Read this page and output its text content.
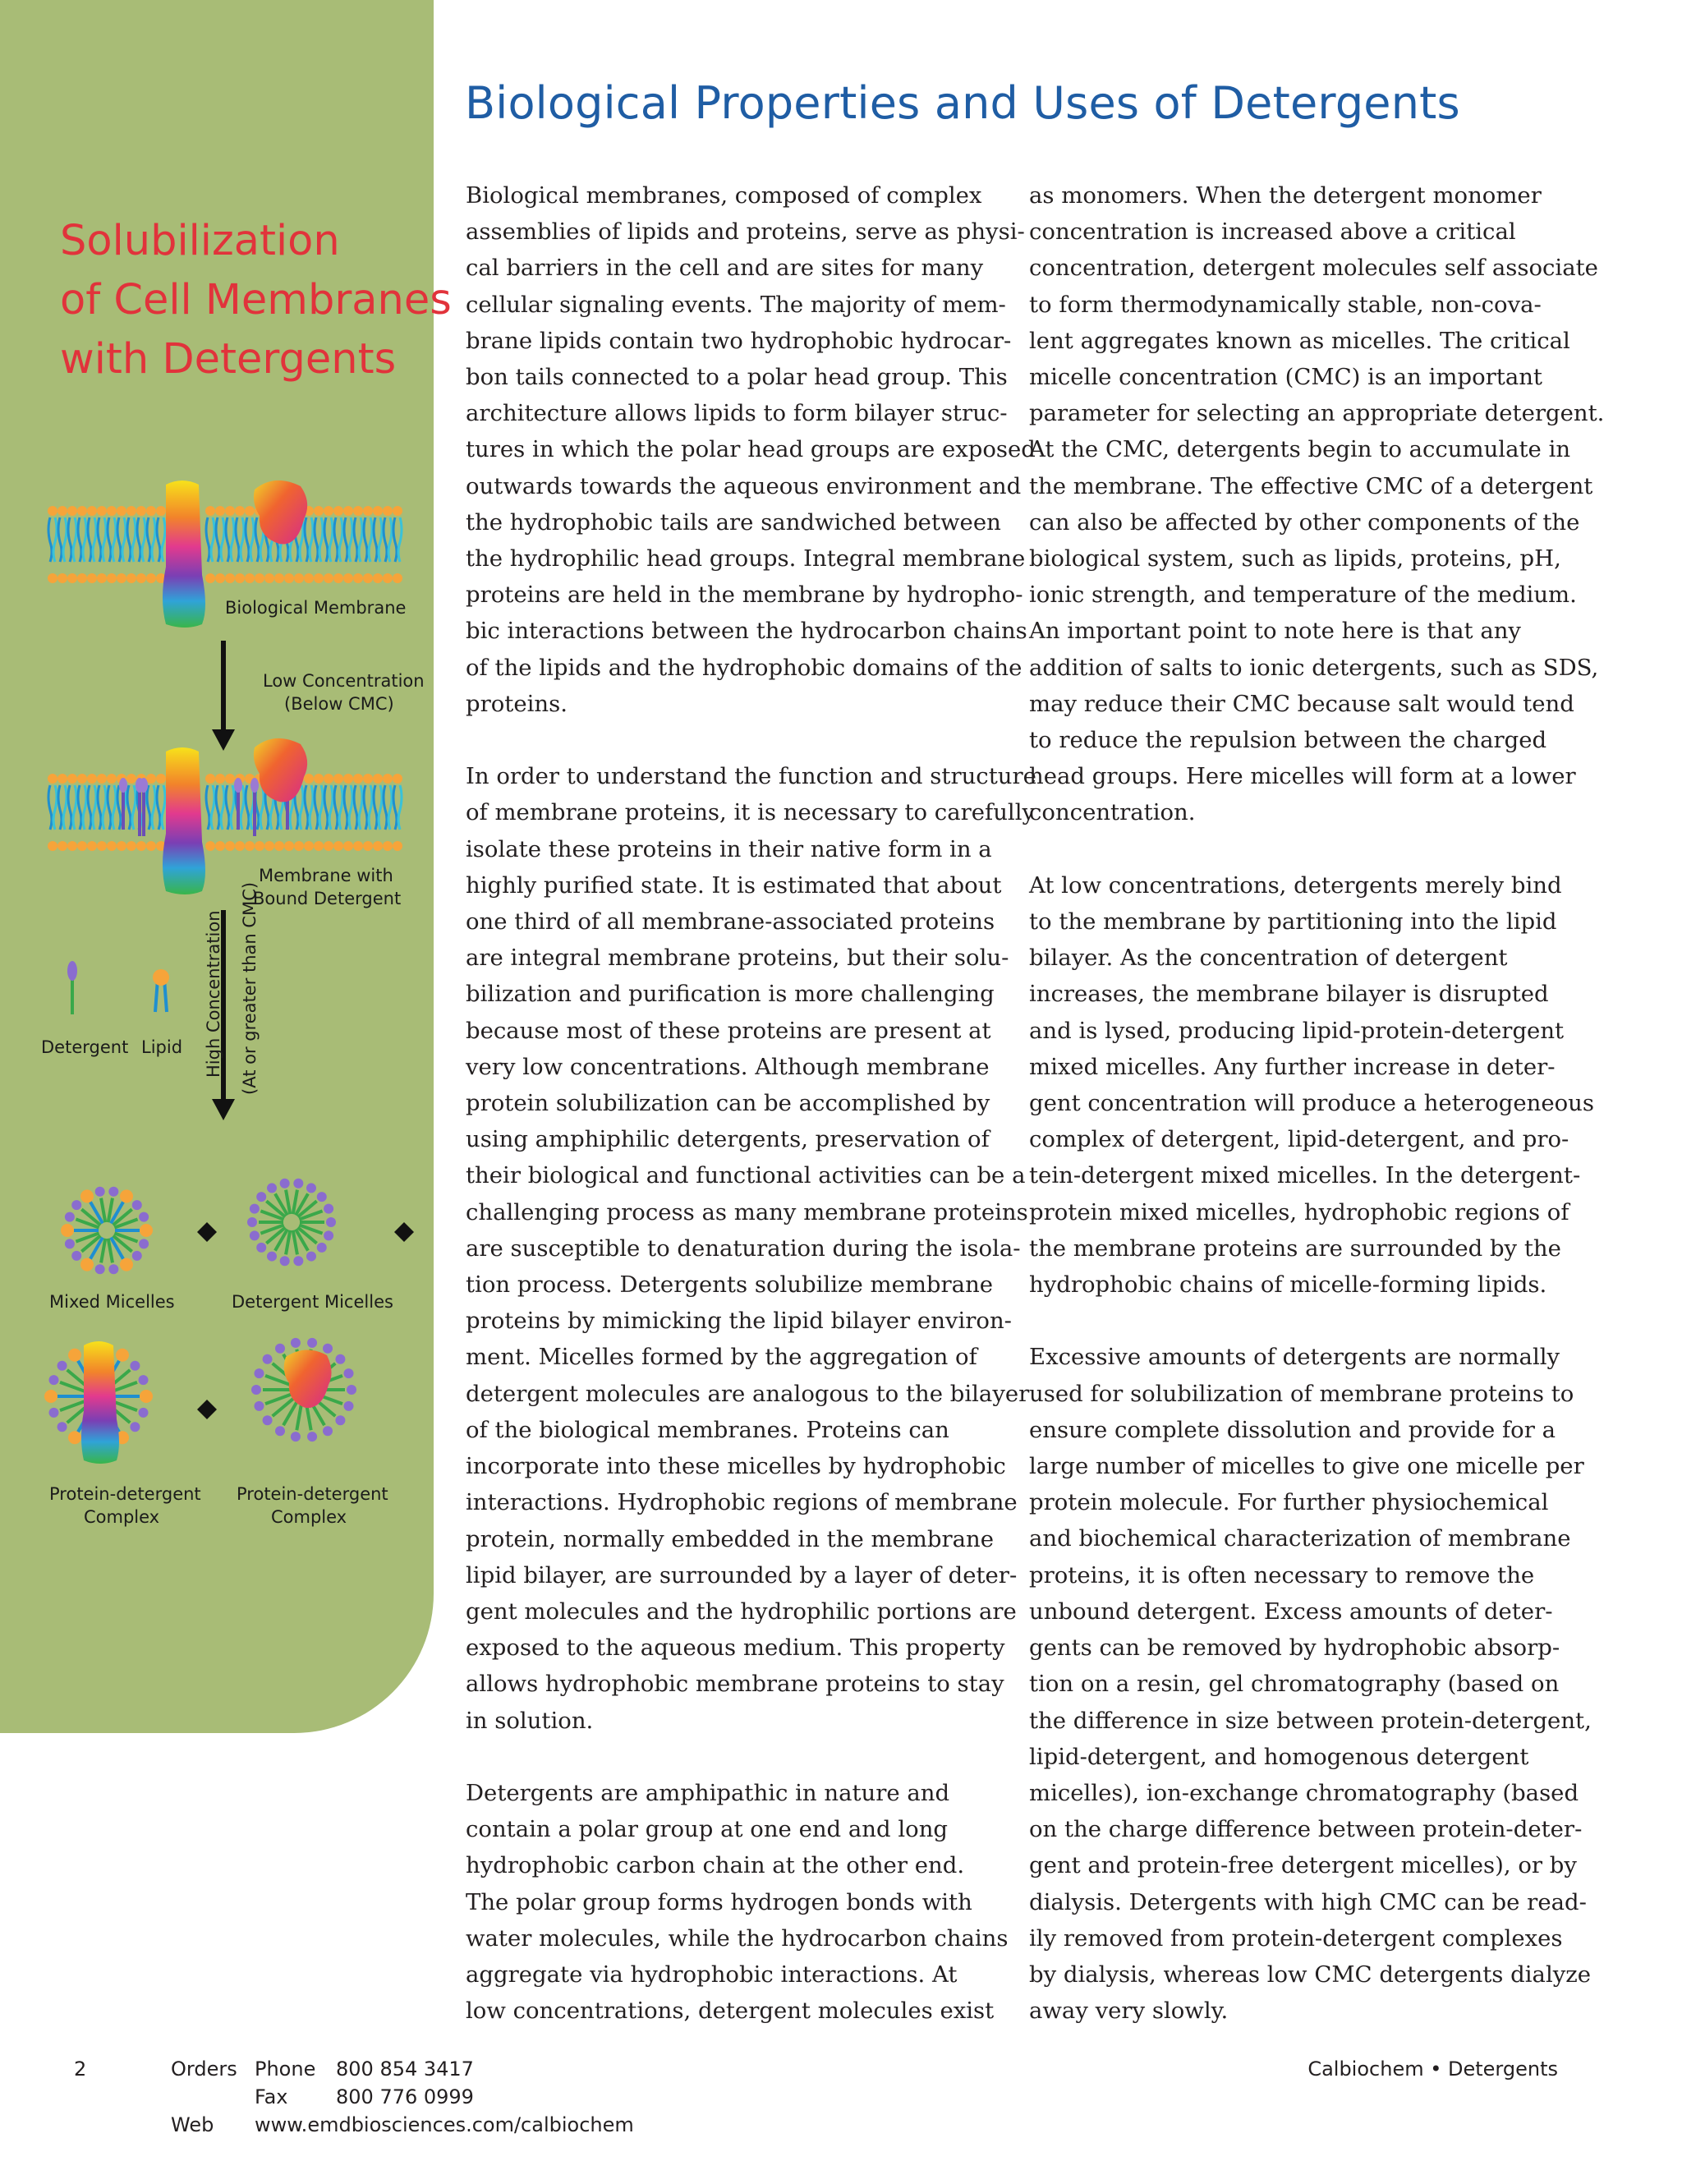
Solubilization
of Cell Membranes
with Detergents
Biological Membrane
Low Concentration
(Below CMC)
Membrane with
Bound Detergent
Detergent Lipid High Concentration (At or greater than CMC)
Mixed Micelles	Detergent Micelles
Protein-detergent
Complex
Protein-detergent
Complex
Biological Properties and Uses of Detergents

Biological membranes, composed of complex
assemblies of lipids and proteins, serve as physi-
cal barriers in the cell and are sites for many
cellular signaling events. The majority of mem-
brane lipids contain two hydrophobic hydrocar-
bon tails connected to a polar head group. This
architecture allows lipids to form bilayer struc-
tures in which the polar head groups are exposed
outwards towards the aqueous environment and
the hydrophobic tails are sandwiched between
the hydrophilic head groups. Integral membrane
proteins are held in the membrane by hydropho-
bic interactions between the hydrocarbon chains
of the lipids and the hydrophobic domains of the
proteins.

In order to understand the function and structure
of membrane proteins, it is necessary to carefully
isolate these proteins in their native form in a
highly purified state. It is estimated that about
one third of all membrane-associated proteins
are integral membrane proteins, but their solu-
bilization and purification is more challenging
because most of these proteins are present at
very low concentrations. Although membrane
protein solubilization can be accomplished by
using amphiphilic detergents, preservation of
their biological and functional activities can be a
challenging process as many membrane proteins
are susceptible to denaturation during the isola-
tion process. Detergents solubilize membrane
proteins by mimicking the lipid bilayer environ-
ment. Micelles formed by the aggregation of
detergent molecules are analogous to the bilayer
of the biological membranes. Proteins can
incorporate into these micelles by hydrophobic
interactions. Hydrophobic regions of membrane
protein, normally embedded in the membrane
lipid bilayer, are surrounded by a layer of deter-
gent molecules and the hydrophilic portions are
exposed to the aqueous medium. This property
allows hydrophobic membrane proteins to stay
in solution.

Detergents are amphipathic in nature and
contain a polar group at one end and long
hydrophobic carbon chain at the other end.
The polar group forms hydrogen bonds with
water molecules, while the hydrocarbon chains
aggregate via hydrophobic interactions. At
low concentrations, detergent molecules exist

as monomers. When the detergent monomer
concentration is increased above a critical
concentration, detergent molecules self associate
to form thermodynamically stable, non-cova-
lent aggregates known as micelles. The critical
micelle concentration (CMC) is an important
parameter for selecting an appropriate detergent.
At the CMC, detergents begin to accumulate in
the membrane. The effective CMC of a detergent
can also be affected by other components of the
biological system, such as lipids, proteins, pH,
ionic strength, and temperature of the medium.
An important point to note here is that any
addition of salts to ionic detergents, such as SDS,
may reduce their CMC because salt would tend
to reduce the repulsion between the charged
head groups. Here micelles will form at a lower
concentration.

At low concentrations, detergents merely bind
to the membrane by partitioning into the lipid
bilayer. As the concentration of detergent
increases, the membrane bilayer is disrupted
and is lysed, producing lipid-protein-detergent
mixed micelles. Any further increase in deter-
gent concentration will produce a heterogeneous
complex of detergent, lipid-detergent, and pro-
tein-detergent mixed micelles. In the detergent-
protein mixed micelles, hydrophobic regions of
the membrane proteins are surrounded by the
hydrophobic chains of micelle-forming lipids.

Excessive amounts of detergents are normally
used for solubilization of membrane proteins to
ensure complete dissolution and provide for a
large number of micelles to give one micelle per
protein molecule. For further physiochemical
and biochemical characterization of membrane
proteins, it is often necessary to remove the
unbound detergent. Excess amounts of deter-
gents can be removed by hydrophobic absorp-
tion on a resin, gel chromatography (based on
the difference in size between protein-detergent,
lipid-detergent, and homogenous detergent
micelles), ion-exchange chromatography (based
on the charge difference between protein-deter-
gent and protein-free detergent micelles), or by
dialysis. Detergents with high CMC can be read-
ily removed from protein-detergent complexes
by dialysis, whereas low CMC detergents dialyze
away very slowly.

2	Orders Phone 800 854 3417
Fax 800 776 0999
Web www.emdbiosciences.com/calbiochem
Calbiochem • Detergents
